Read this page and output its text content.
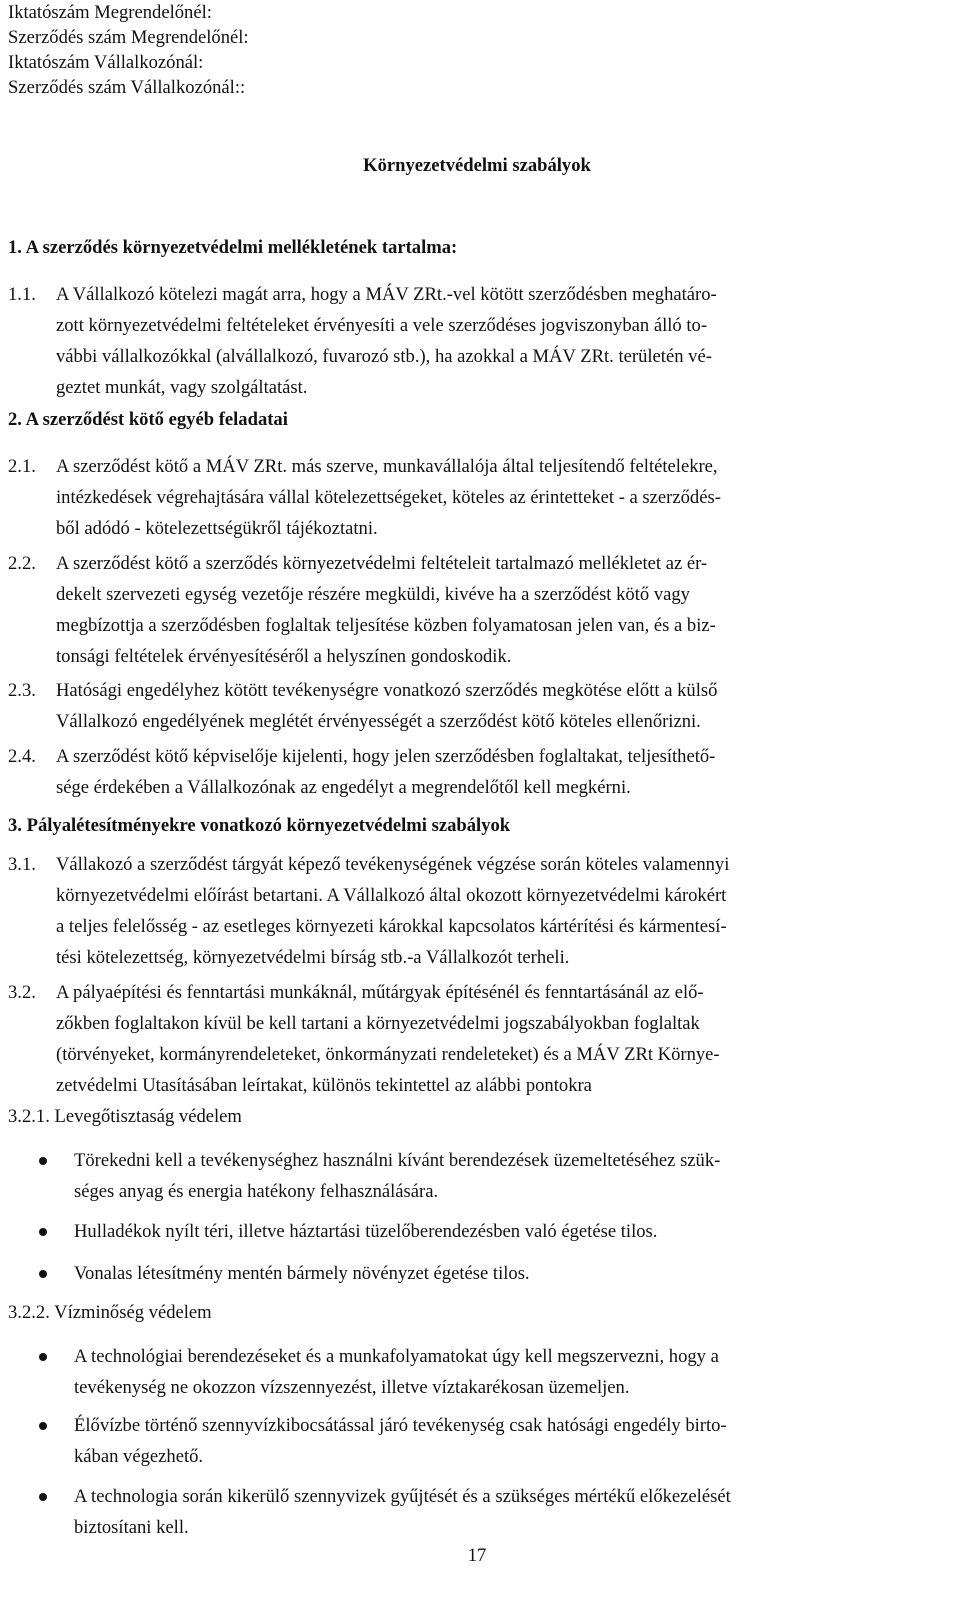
Iktatószám Megrendelőnél:
Szerződés szám Megrendelőnél:
Iktatószám Vállalkozónál:
Szerződés szám Vállalkozónál::
Környezetvédelmi szabályok
1. A szerződés környezetvédelmi mellékletének tartalma:
1.1. A Vállalkozó kötelezi magát arra, hogy a MÁV ZRt.-vel kötött szerződésben meghatáro-
zott környezetvédelmi feltételeket érvényesíti a vele szerződéses jogviszonyban álló to-
vábbi vállalkozókkal (alvállalkozó, fuvarozó stb.), ha azokkal a MÁV ZRt. területén vé-
geztet munkát, vagy szolgáltatást.
2. A szerződést kötő egyéb feladatai
2.1. A szerződést kötő a MÁV ZRt. más szerve, munkavállalója által teljesítendő feltételekre,
intézkedések végrehajtására vállal kötelezettségeket, köteles az érintetteket - a szerződés-
ből adódó - kötelezettségükről tájékoztatni.
2.2. A szerződést kötő a szerződés környezetvédelmi feltételeit tartalmazó mellékletet az ér-
dekelt szervezeti egység vezetője részére megküldi, kivéve ha a szerződést kötő vagy
megbízottja a szerződésben foglaltak teljesítése közben folyamatosan jelen van, és a biz-
tonsági feltételek érvényesítéséről a helyszínen gondoskodik.
2.3. Hatósági engedélyhez kötött tevékenységre vonatkozó szerződés megkötése előtt a külső
Vállalkozó engedélyének meglétét érvényességét a szerződést kötő köteles ellenőrizni.
2.4. A szerződést kötő képviselője kijelenti, hogy jelen szerződésben foglaltakat, teljesíthető-
sége érdekében a Vállalkozónak az engedélyt a megrendelőtől kell megkérni.
3. Pályalétesítményekre vonatkozó környezetvédelmi szabályok
3.1. Vállakozó a szerződést tárgyát képező tevékenységének végzése során köteles valamennyi
környezetvédelmi előírást betartani. A Vállalkozó által okozott környezetvédelmi károkért
a teljes felelősség - az esetleges környezeti károkkal kapcsolatos kártérítési és kármentesí-
tési kötelezettség, környezetvédelmi bírság stb.-a Vállalkozót terheli.
3.2. A pályaépítési és fenntartási munkáknál, műtárgyak építésénél és fenntartásánál az elő-
zőkben foglaltakon kívül be kell tartani a környezetvédelmi jogszabályokban foglaltak
(törvényeket, kormányrendeleteket, önkormányzati rendeleteket) és a MÁV ZRt Környe-
zetvédelmi Utasításában leírtakat, különös tekintettel az alábbi pontokra
3.2.1. Levegőtisztaság védelem
Törekedni kell a tevékenységhez használni kívánt berendezések üzemeltetéséhez szük-
séges anyag és energia hatékony felhasználására.
Hulladékok nyílt téri, illetve háztartási tüzelőberendezésben való égetése tilos.
Vonalas létesítmény mentén bármely növényzet égetése tilos.
3.2.2. Vízminőség védelem
A technológiai berendezéseket és a munkafolyamatokat úgy kell megszervezni, hogy a
tevékenység ne okozzon vízszennyezést, illetve víztakarékosan üzemeljen.
Élővízbe történő szennyvízkibocsátással járó tevékenység csak hatósági engedély birto-
kában végezhető.
A technologia során kikerülő szennyvizek gyűjtését és a szükséges mértékű előkezelését
biztosítani kell.
17
